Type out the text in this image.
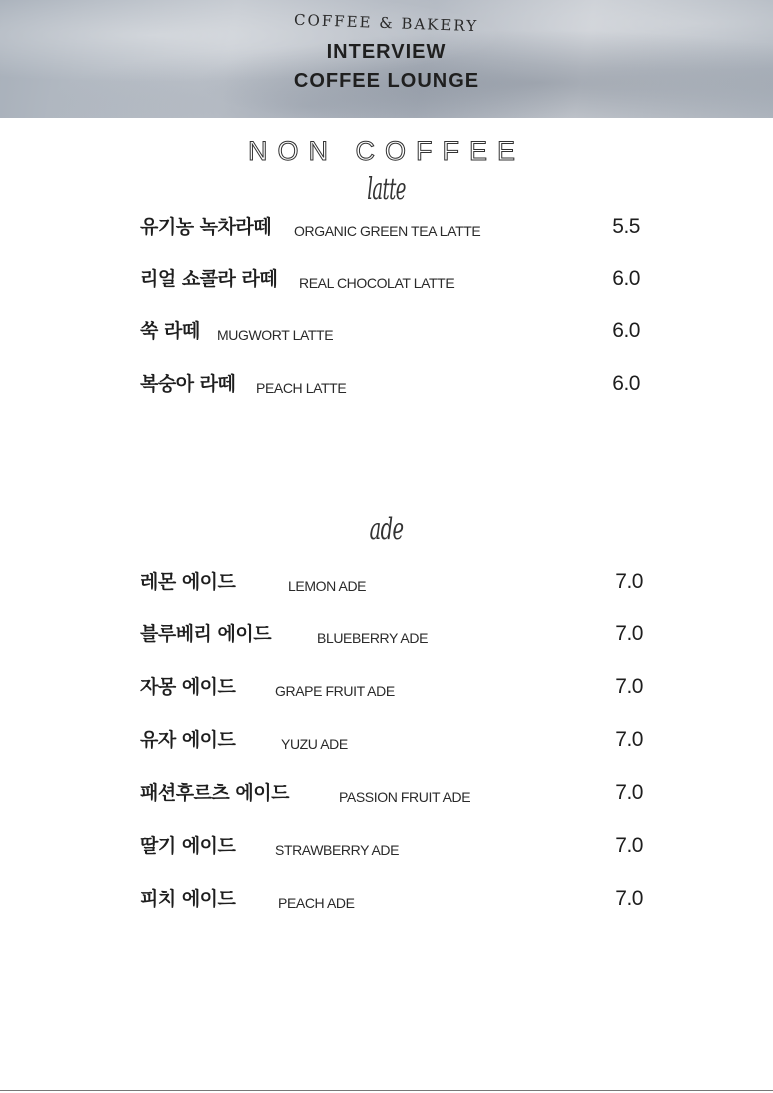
COFFEE & BAKERY
INTERVIEW
COFFEE LOUNGE
NON COFFEE
latte
유기농 녹차라떼 ORGANIC GREEN TEA LATTE	5.5
리얼 쇼콜라 라떼 REAL CHOCOLAT LATTE	6.0
쑥 라떼 MUGWORT LATTE	6.0
복숭아 라떼 PEACH LATTE	6.0
ade
레몬 에이드	LEMON ADE	7.0
블루베리 에이드	BLUEBERRY ADE	7.0
자몽 에이드	GRAPE FRUIT ADE	7.0
유자 에이드	YUZU ADE	7.0
패션후르츠 에이드	PASSION FRUIT ADE	7.0
딸기 에이드	STRAWBERRY ADE	7.0
피치 에이드	PEACH ADE	7.0
